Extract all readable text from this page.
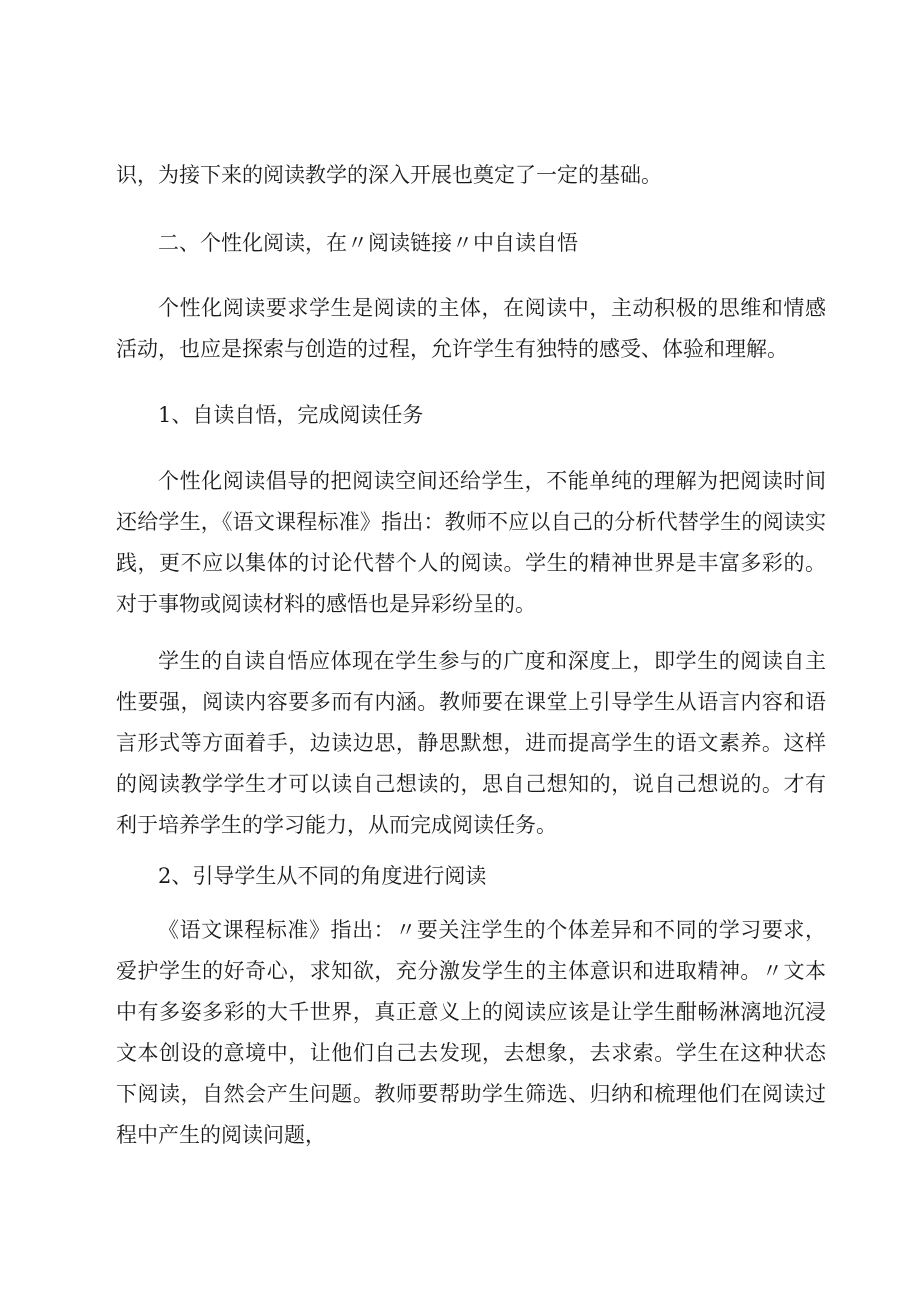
识，为接下来的阅读教学的深入开展也奠定了一定的基础。

二、个性化阅读，在〃阅读链接〃中自读自悟

个性化阅读要求学生是阅读的主体，在阅读中，主动积极的思维和情感活动，也应是探索与创造的过程，允许学生有独特的感受、体验和理解。

1、自读自悟，完成阅读任务

个性化阅读倡导的把阅读空间还给学生，不能单纯的理解为把阅读时间还给学生，《语文课程标准》指出：教师不应以自己的分析代替学生的阅读实践，更不应以集体的讨论代替个人的阅读。学生的精神世界是丰富多彩的。对于事物或阅读材料的感悟也是异彩纷呈的。

学生的自读自悟应体现在学生参与的广度和深度上，即学生的阅读自主性要强，阅读内容要多而有内涵。教师要在课堂上引导学生从语言内容和语言形式等方面着手，边读边思，静思默想，进而提高学生的语文素养。这样的阅读教学学生才可以读自己想读的，思自己想知的，说自己想说的。才有利于培养学生的学习能力，从而完成阅读任务。

2、引导学生从不同的角度进行阅读

《语文课程标准》指出：〃要关注学生的个体差异和不同的学习要求，爱护学生的好奇心，求知欲，充分激发学生的主体意识和进取精神。〃文本中有多姿多彩的大千世界，真正意义上的阅读应该是让学生酣畅淋漓地沉浸文本创设的意境中，让他们自己去发现，去想象，去求索。学生在这种状态下阅读，自然会产生问题。教师要帮助学生筛选、归纳和梳理他们在阅读过程中产生的阅读问题，
